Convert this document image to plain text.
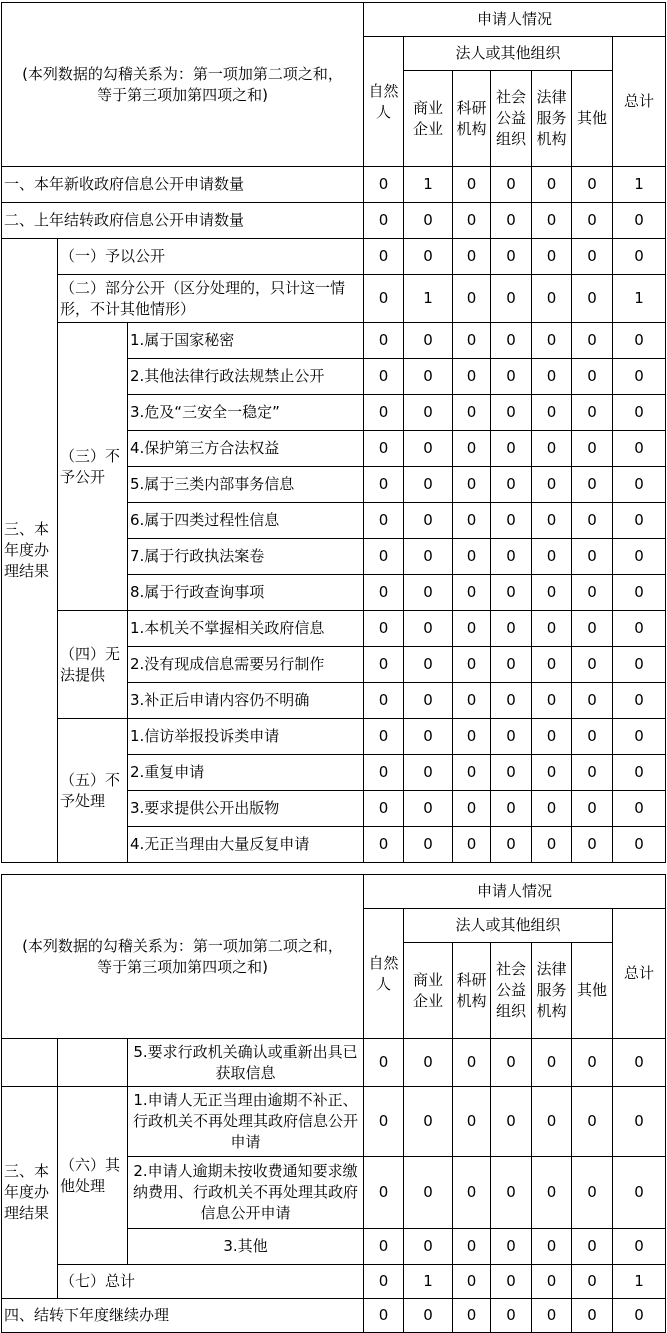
(本列数据的勾稽关系为：第一项加第二项之和，
等于第三项加第四项之和)			申请人情况						
			自然人	法人或其他组织					总计
				商业企业	科研机构	社会公益组织	法律服务机构	其他	
一、本年新收政府信息公开申请数量			0	1	0	0	0	0	1
二、上年结转政府信息公开申请数量			0	0	0	0	0	0	0
三、本年度办理结果	（一）予以公开		0	0	0	0	0	0	0
	（二）部分公开（区分处理的，只计这一情形，不计其他情形）		0	1	0	0	0	0	1
	（三）不予公开	1.属于国家秘密	0	0	0	0	0	0	0
		2.其他法律行政法规禁止公开	0	0	0	0	0	0	0
		3.危及“三安全一稳定”	0	0	0	0	0	0	0
		4.保护第三方合法权益	0	0	0	0	0	0	0
		5.属于三类内部事务信息	0	0	0	0	0	0	0
		6.属于四类过程性信息	0	0	0	0	0	0	0
		7.属于行政执法案卷	0	0	0	0	0	0	0
		8.属于行政查询事项	0	0	0	0	0	0	0
	（四）无法提供	1.本机关不掌握相关政府信息	0	0	0	0	0	0	0
		2.没有现成信息需要另行制作	0	0	0	0	0	0	0
		3.补正后申请内容仍不明确	0	0	0	0	0	0	0
	（五）不予处理	1.信访举报投诉类申请	0	0	0	0	0	0	0
		2.重复申请	0	0	0	0	0	0	0
		3.要求提供公开出版物	0	0	0	0	0	0	0
		4.无正当理由大量反复申请	0	0	0	0	0	0	0
(本列数据的勾稽关系为：第一项加第二项之和，
等于第三项加第四项之和)			申请人情况						
			自然人	法人或其他组织					总计
				商业企业	科研机构	社会公益组织	法律服务机构	其他	
		5.要求行政机关确认或重新出具已获取信息	0	0	0	0	0	0	0
三、本年度办理结果	（六）其他处理	1.申请人无正当理由逾期不补正、行政机关不再处理其政府信息公开申请	0	0	0	0	0	0	0
		2.申请人逾期未按收费通知要求缴纳费用、行政机关不再处理其政府信息公开申请	0	0	0	0	0	0	0
		3.其他	0	0	0	0	0	0	0
	（七）总计		0	1	0	0	0	0	1
四、结转下年度继续办理			0	0	0	0	0	0	0
